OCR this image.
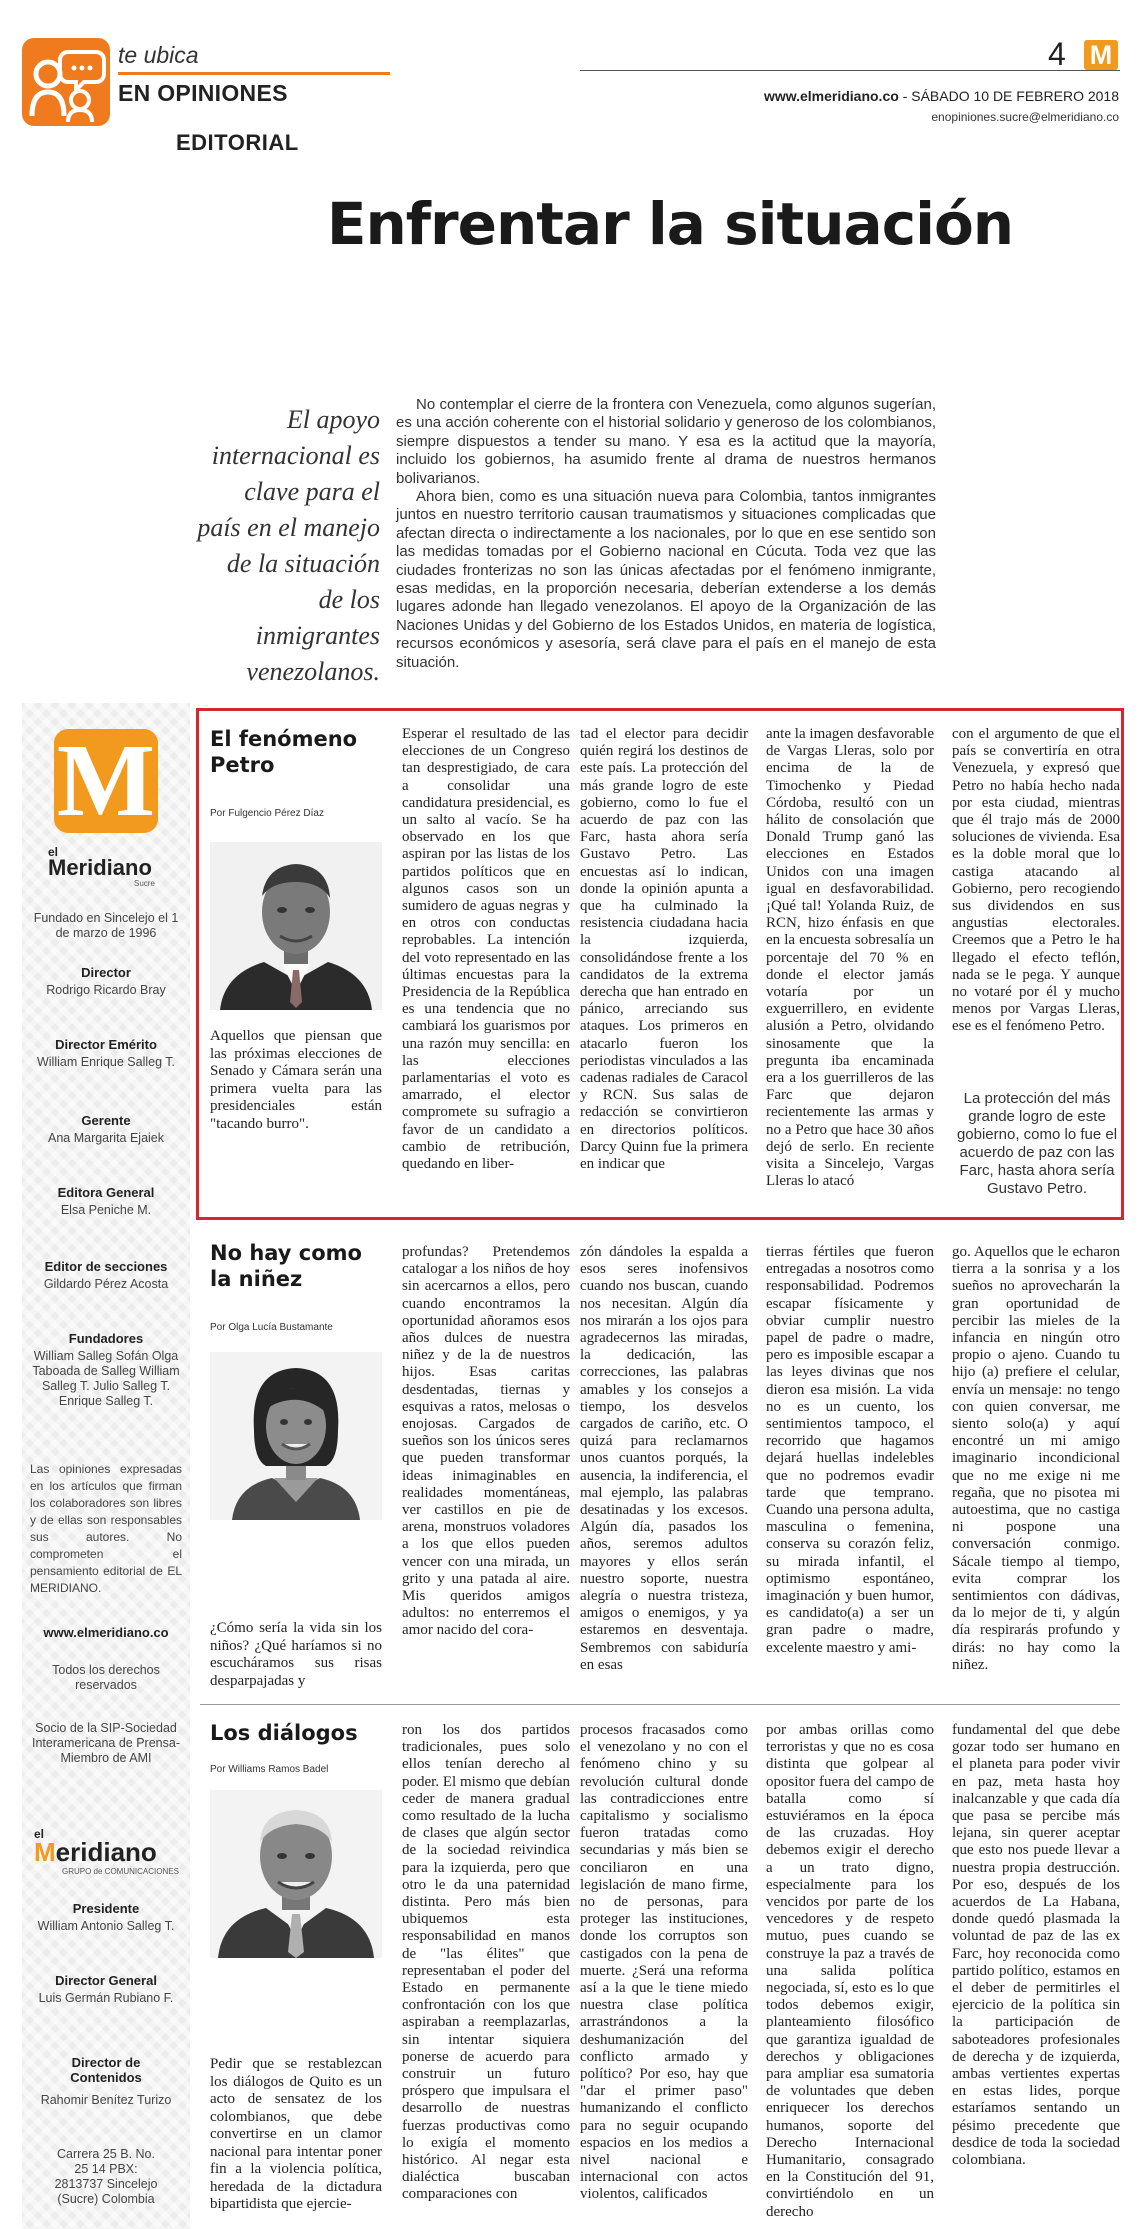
te ubica
EN OPINIONES
EDITORIAL
4 M
www.elmeridiano.co - SÁBADO 10 DE FEBRERO 2018
enopiniones.sucre@elmeridiano.co
Enfrentar la situación
El apoyo internacional es clave para el país en el manejo de la situación de los inmigrantes venezolanos.

No contemplar el cierre de la frontera con Venezuela, como algunos sugerían, es una acción coherente con el historial solidario y generoso de los colombianos, siempre dispuestos a tender su mano. Y esa es la actitud que la mayoría, incluido los gobiernos, ha asumido frente al drama de nuestros hermanos bolivarianos.

Ahora bien, como es una situación nueva para Colombia, tantos inmigrantes juntos en nuestro territorio causan traumatismos y situaciones complicadas que afectan directa o indirectamente a los nacionales, por lo que en ese sentido son las medidas tomadas por el Gobierno nacional en Cúcuta. Toda vez que las ciudades fronterizas no son las únicas afectadas por el fenómeno inmigrante, esas medidas, en la proporción necesaria, deberían extenderse a los demás lugares adonde han llegado venezolanos. El apoyo de la Organización de las Naciones Unidas y del Gobierno de los Estados Unidos, en materia de logística, recursos económicos y asesoría, será clave para el país en el manejo de esta situación.

M
el
Meridiano
Sucre
Fundado en Sincelejo el 1 de marzo de 1996
Director
Rodrigo Ricardo Bray
Director Emérito
William Enrique Salleg T.
Gerente
Ana Margarita Ejaiek
Editora General
Elsa Peniche M.
Editor de secciones
Gildardo Pérez Acosta
Fundadores
William Salleg Sofán Olga Taboada de Salleg William Salleg T. Julio Salleg T. Enrique Salleg T.
Las opiniones expresadas en los artículos que firman los colaboradores son libres y de ellas son responsables sus autores. No comprometen el pensamiento editorial de EL MERIDIANO.
www.elmeridiano.co
Todos los derechos reservados
Socio de la SIP-Sociedad Interamericana de Prensa- Miembro de AMI
el
Meridiano
GRUPO de COMUNICACIONES
Presidente
William Antonio Salleg T.
Director General
Luis Germán Rubiano F.
Director de Contenidos
Rahomir Benítez Turizo
Carrera 25 B. No. 25 14 PBX: 2813737 Sincelejo (Sucre) Colombia
El fenómeno Petro
Por Fulgencio Pérez Díaz
Aquellos que piensan que las próximas elecciones de Senado y Cámara serán una primera vuelta para las presidenciales están "tacando burro".
Esperar el resultado de las elecciones de un Congreso tan desprestigiado, de cara a consolidar una candidatura presidencial, es un salto al vacío. Se ha observado en los que aspiran por las listas de los partidos políticos que en algunos casos son un sumidero de aguas negras y en otros con conductas reprobables. La intención del voto representado en las últimas encuestas para la Presidencia de la República es una tendencia que no cambiará los guarismos por una razón muy sencilla: en las elecciones parlamentarias el voto es amarrado, el elector compromete su sufragio a favor de un candidato a cambio de retribución, quedando en liber-
tad el elector para decidir quién regirá los destinos de este país. La protección del más grande logro de este gobierno, como lo fue el acuerdo de paz con las Farc, hasta ahora sería Gustavo Petro. Las encuestas así lo indican, donde la opinión apunta a que ha culminado la resistencia ciudadana hacia la izquierda, consolidándose frente a los candidatos de la extrema derecha que han entrado en pánico, arreciando sus ataques. Los primeros en atacarlo fueron los periodistas vinculados a las cadenas radiales de Caracol y RCN. Sus salas de redacción se convirtieron en directorios políticos. Darcy Quinn fue la primera en indicar que
ante la imagen desfavorable de Vargas Lleras, solo por encima de la de Timochenko y Piedad Córdoba, resultó con un hálito de consolación que Donald Trump ganó las elecciones en Estados Unidos con una imagen igual en desfavorabilidad. ¡Qué tal! Yolanda Ruiz, de RCN, hizo énfasis en que en la encuesta sobresalía un porcentaje del 70 % en donde el elector jamás votaría por un exguerrillero, en evidente alusión a Petro, olvidando sinosamente que la pregunta iba encaminada era a los guerrilleros de las Farc que dejaron recientemente las armas y no a Petro que hace 30 años dejó de serlo. En reciente visita a Sincelejo, Vargas Lleras lo atacó
con el argumento de que el país se convertiría en otra Venezuela, y expresó que Petro no había hecho nada por esta ciudad, mientras que él trajo más de 2000 soluciones de vivienda. Esa es la doble moral que lo castiga atacando al Gobierno, pero recogiendo sus dividendos en sus angustias electorales. Creemos que a Petro le ha llegado el efecto teflón, nada se le pega. Y aunque no votaré por él y mucho menos por Vargas Lleras, ese es el fenómeno Petro.
La protección del más grande logro de este gobierno, como lo fue el acuerdo de paz con las Farc, hasta ahora sería Gustavo Petro.
No hay como la niñez
Por Olga Lucía Bustamante
¿Cómo sería la vida sin los niños? ¿Qué haríamos si no escucháramos sus risas desparpajadas y
profundas? Pretendemos catalogar a los niños de hoy sin acercarnos a ellos, pero cuando encontramos la oportunidad añoramos esos años dulces de nuestra niñez y de la de nuestros hijos. Esas caritas desdentadas, tiernas y esquivas a ratos, melosas o enojosas. Cargados de sueños son los únicos seres que pueden transformar ideas inimaginables en realidades momentáneas, ver castillos en pie de arena, monstruos voladores a los que ellos pueden vencer con una mirada, un grito y una patada al aire. Mis queridos amigos adultos: no enterremos el amor nacido del cora-
zón dándoles la espalda a esos seres inofensivos cuando nos buscan, cuando nos necesitan. Algún día nos mirarán a los ojos para agradecernos las miradas, la dedicación, las correcciones, las palabras amables y los consejos a tiempo, los desvelos cargados de cariño, etc. O quizá para reclamarnos unos cuantos porqués, la ausencia, la indiferencia, el mal ejemplo, las palabras desatinadas y los excesos. Algún día, pasados los años, seremos adultos mayores y ellos serán nuestro soporte, nuestra alegría o nuestra tristeza, amigos o enemigos, y ya estaremos en desventaja. Sembremos con sabiduría en esas
tierras fértiles que fueron entregadas a nosotros como responsabilidad. Podremos escapar físicamente y obviar cumplir nuestro papel de padre o madre, pero es imposible escapar a las leyes divinas que nos dieron esa misión. La vida no es un cuento, los sentimientos tampoco, el recorrido que hagamos dejará huellas indelebles que no podremos evadir tarde que temprano. Cuando una persona adulta, masculina o femenina, conserva su corazón feliz, su mirada infantil, el optimismo espontáneo, imaginación y buen humor, es candidato(a) a ser un gran padre o madre, excelente maestro y ami-
go. Aquellos que le echaron tierra a la sonrisa y a los sueños no aprovecharán la gran oportunidad de percibir las mieles de la infancia en ningún otro propio o ajeno. Cuando tu hijo (a) prefiere el celular, envía un mensaje: no tengo con quien conversar, me siento solo(a) y aquí encontré un mi amigo imaginario incondicional que no me exige ni me regaña, que no pisotea mi autoestima, que no castiga ni pospone una conversación conmigo. Sácale tiempo al tiempo, evita comprar los sentimientos con dádivas, da lo mejor de ti, y algún día respirarás profundo y dirás: no hay como la niñez.
Los diálogos
Por Williams Ramos Badel
Pedir que se restablezcan los diálogos de Quito es un acto de sensatez de los colombianos, que debe convertirse en un clamor nacional para intentar poner fin a la violencia política, heredada de la dictadura bipartidista que ejercie-
ron los dos partidos tradicionales, pues solo ellos tenían derecho al poder. El mismo que debían ceder de manera gradual como resultado de la lucha de clases que algún sector de la sociedad reivindica para la izquierda, pero que otro le da una paternidad distinta. Pero más bien ubiquemos esta responsabilidad en manos de "las élites" que representaban el poder del Estado en permanente confrontación con los que aspiraban a reemplazarlas, sin intentar siquiera ponerse de acuerdo para construir un futuro próspero que impulsara el desarrollo de nuestras fuerzas productivas como lo exigía el momento histórico. Al negar esta dialéctica buscaban comparaciones con
procesos fracasados como el venezolano y no con el fenómeno chino y su revolución cultural donde las contradicciones entre capitalismo y socialismo fueron tratadas como secundarias y más bien se conciliaron en una legislación de mano firme, no de personas, para proteger las instituciones, donde los corruptos son castigados con la pena de muerte. ¿Será una reforma así a la que le tiene miedo nuestra clase política arrastrándonos a la deshumanización del conflicto armado y político? Por eso, hay que "dar el primer paso" humanizando el conflicto para no seguir ocupando espacios en los medios a nivel nacional e internacional con actos violentos, calificados
por ambas orillas como terroristas y que no es cosa distinta que golpear al opositor fuera del campo de batalla como sí estuviéramos en la época de las cruzadas. Hoy debemos exigir el derecho a un trato digno, especialmente para los vencidos por parte de los vencedores y de respeto mutuo, pues cuando se construye la paz a través de una salida política negociada, sí, esto es lo que todos debemos exigir, planteamiento filosófico que garantiza igualdad de derechos y obligaciones para ampliar esa sumatoria de voluntades que deben enriquecer los derechos humanos, soporte del Derecho Internacional Humanitario, consagrado en la Constitución del 91, convirtiéndolo en un derecho
fundamental del que debe gozar todo ser humano en el planeta para poder vivir en paz, meta hasta hoy inalcanzable y que cada día que pasa se percibe más lejana, sin querer aceptar que esto nos puede llevar a nuestra propia destrucción. Por eso, después de los acuerdos de La Habana, donde quedó plasmada la voluntad de paz de las ex Farc, hoy reconocida como partido político, estamos en el deber de permitirles el ejercicio de la política sin la participación de saboteadores profesionales de derecha y de izquierda, ambas vertientes expertas en estas lides, porque estaríamos sentando un pésimo precedente que desdice de toda la sociedad colombiana.
